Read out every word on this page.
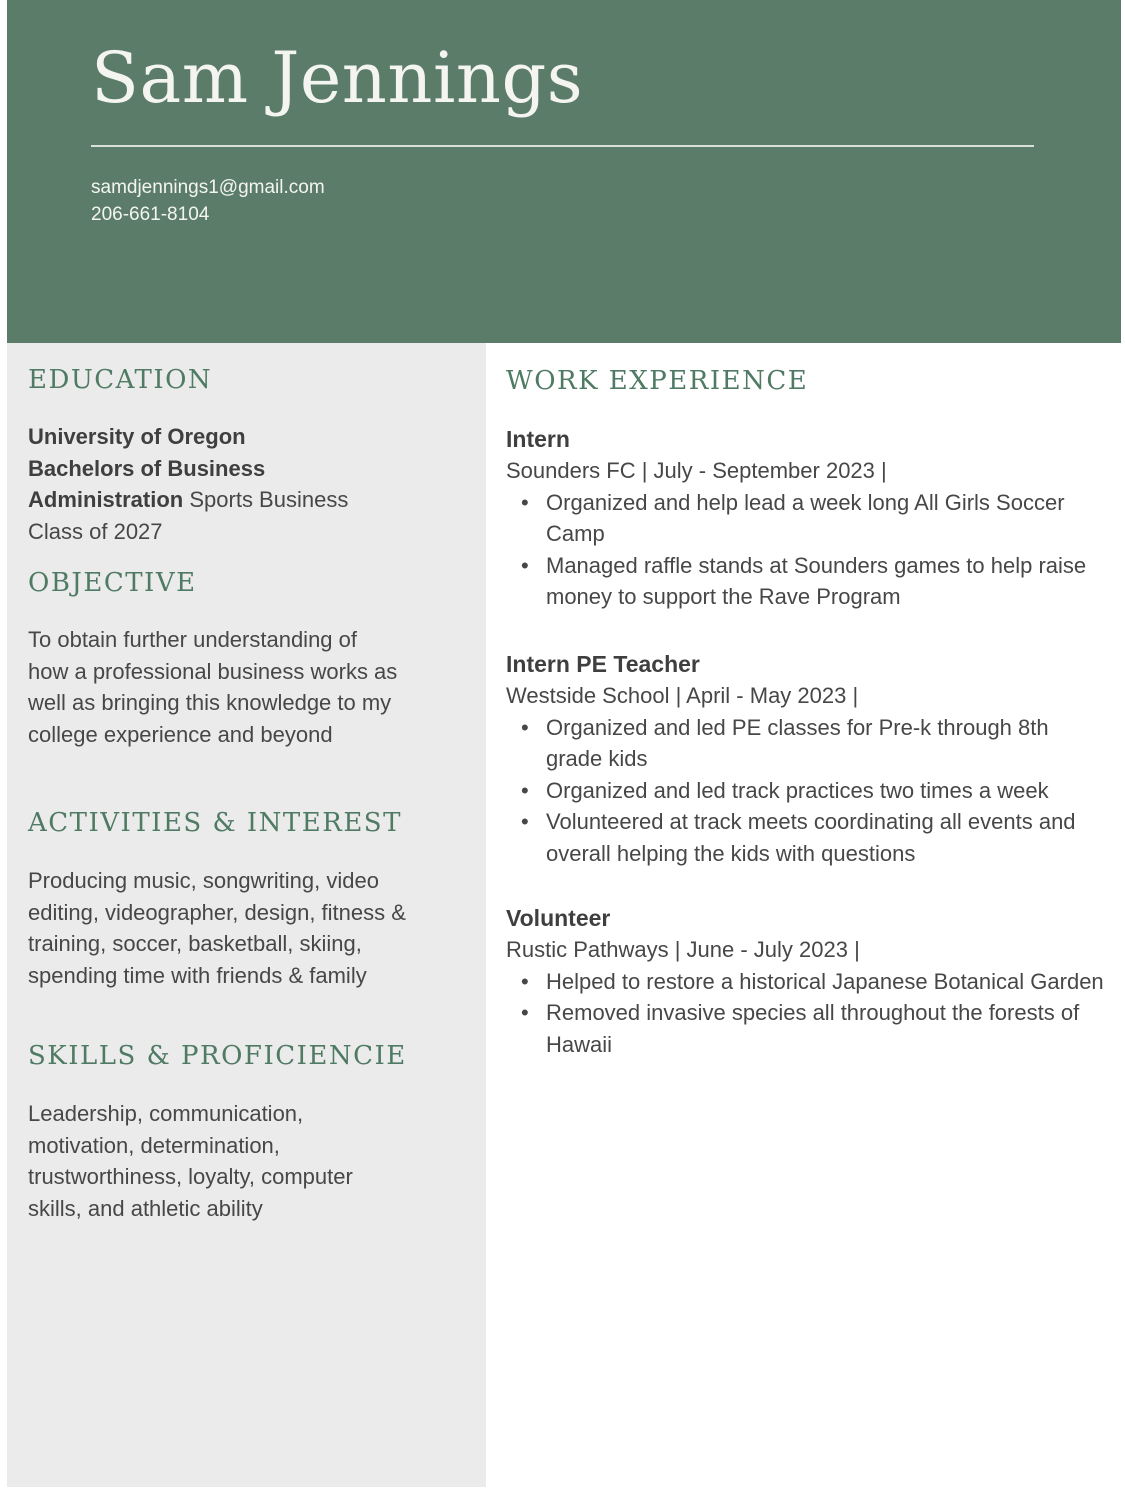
Sam Jennings
samdjennings1@gmail.com
206-661-8104
EDUCATION

University of Oregon
Bachelors of Business Administration Sports Business
Class of 2027

OBJECTIVE

To obtain further understanding of how a professional business works as well as bringing this knowledge to my college experience and beyond

ACTIVITIES & INTEREST

Producing music, songwriting, video editing, videographer, design, fitness & training, soccer, basketball, skiing, spending time with friends & family

SKILLS & PROFICIENCIE

Leadership, communication, motivation, determination, trustworthiness, loyalty, computer skills, and athletic ability

WORK EXPERIENCE

Intern

Sounders FC | July - September 2023 |

• Organized and help lead a week long All Girls Soccer Camp
• Managed raffle stands at Sounders games to help raise money to support the Rave Program

Intern PE Teacher

Westside School | April - May 2023 |

• Organized and led PE classes for Pre-k through 8th grade kids
• Organized and led track practices two times a week
• Volunteered at track meets coordinating all events and overall helping the kids with questions

Volunteer

Rustic Pathways | June - July 2023 |

• Helped to restore a historical Japanese Botanical Garden
• Removed invasive species all throughout the forests of Hawaii
